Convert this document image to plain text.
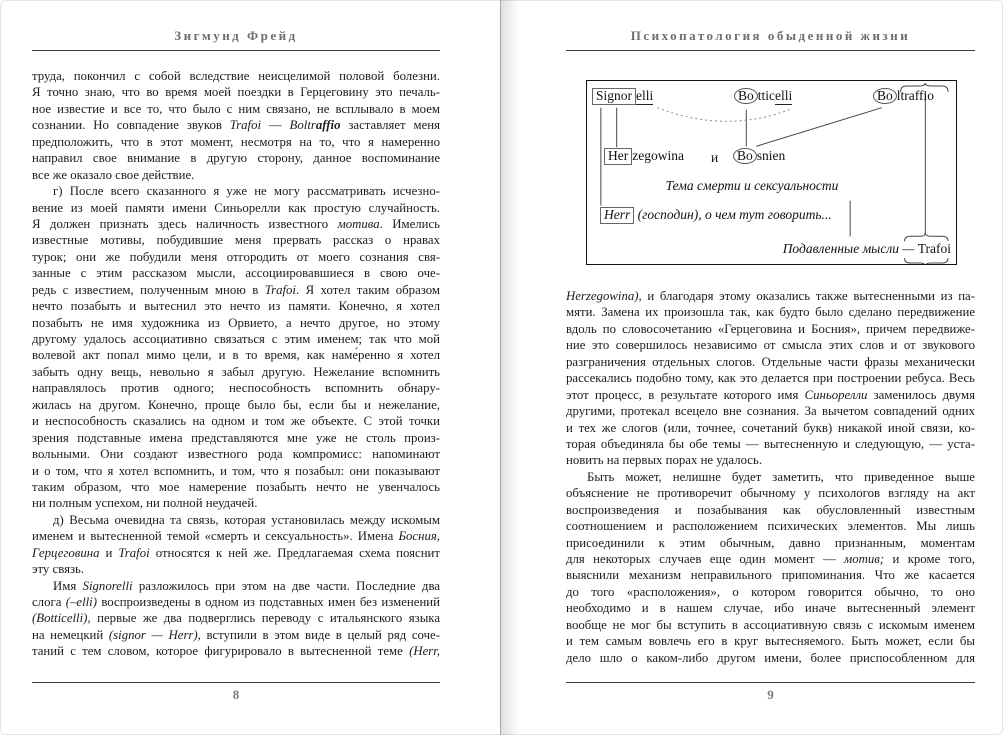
Зигмунд Фрейд
труда, покончил с собой вследствие неисцелимой половой болезни.
Я точно знаю, что во время моей поездки в Герцеговину это печаль-
ное известие и все то, что было с ним связано, не всплывало в моем
сознании. Но совпадение звуков Trafoi — Boltraffio заставляет меня
предположить, что в этот момент, несмотря на то, что я намеренно
направил свое внимание в другую сторону, данное воспоминание
все же оказало свое действие.
г) После всего сказанного я уже не могу рассматривать исчезно-
вение из моей памяти имени Синьорелли как простую случайность.
Я должен признать здесь наличность известного мотива. Имелись
известные мотивы, побудившие меня прервать рассказ о нравах
турок; они же побудили меня отгородить от моего сознания свя-
занные с этим рассказом мысли, ассоциировавшиеся в свою оче-
редь с известием, полученным мною в Trafoi. Я хотел таким образом
нечто позабыть и вытеснил это нечто из памяти. Конечно, я хотел
позабыть не имя художника из Орвието, а нечто другое, но этому
другому удалось ассоциативно связаться с этим именем; так что мой
волевой акт попал мимо цели, и в то время, как наме́ренно я хотел
забыть одну вещь, невольно я забыл другую. Нежелание вспомнить
направлялось против одного; неспособность вспомнить обнару-
жилась на другом. Конечно, проще было бы, если бы и нежелание,
и неспособность сказались на одном и том же объекте. С этой точки
зрения подставные имена представляются мне уже не столь произ-
вольными. Они создают известного рода компромисс: напоминают
и о том, что я хотел вспомнить, и том, что я позабыл: они показывают
таким образом, что мое намерение позабыть нечто не увенчалось
ни полным успехом, ни полной неудачей.
д) Весьма очевидна та связь, которая установилась между искомым
именем и вытесненной темой «смерть и сексуальность». Имена Босния,
Герцеговина и Trafoi относятся к ней же. Предлагаемая схема пояснит
эту связь.
Имя Signorelli разложилось при этом на две части. Последние два
слога (–elli) воспроизведены в одном из подставных имен без изменений
(Botticelli), первые же два подверглись переводу с итальянского языка
на немецкий (signor — Herr), вступили в этом виде в целый ряд соче-
таний с тем словом, которое фигурировало в вытесненной теме (Herr,
8
Психопатология обыденной жизни
Signor elli	Bo tticelli	Bo ltraffio
Her zegowina и Bo snien
Тема смерти и сексуальности
Herr (господин), о чем тут говорить...
Подавленные мысли — Trafoi
Herzegowina), и благодаря этому оказались также вытесненными из па-
мяти. Замена их произошла так, как будто было сделано передвижение
вдоль по словосочетанию «Герцеговина и Босния», причем передвиже-
ние это совершилось независимо от смысла этих слов и от звукового
разграничения отдельных слогов. Отдельные части фразы механически
рассекались подобно тому, как это делается при построении ребуса. Весь
этот процесс, в результате которого имя Синьорелли заменилось двумя
другими, протекал всецело вне сознания. За вычетом совпадений одних
и тех же слогов (или, точнее, сочетаний букв) никакой иной связи, ко-
торая объединяла бы обе темы — вытесненную и следующую, — уста-
новить на первых порах не удалось.
Быть может, нелишне будет заметить, что приведенное выше
объяснение не противоречит обычному у психологов взгляду на акт
воспроизведения и позабывания как обусловленный известным
соотношением и расположением психических элементов. Мы лишь
присоединили к этим обычным, давно признанным, моментам
для некоторых случаев еще один момент — мотив; и кроме того,
выяснили механизм неправильного припоминания. Что же касается
до того «расположения», о котором говорится обычно, то оно
необходимо и в нашем случае, ибо иначе вытесненный элемент
вообще не мог бы вступить в ассоциативную связь с искомым именем
и тем самым вовлечь его в круг вытесняемого. Быть может, если бы
дело шло о каком-либо другом имени, более приспособленном для
9
